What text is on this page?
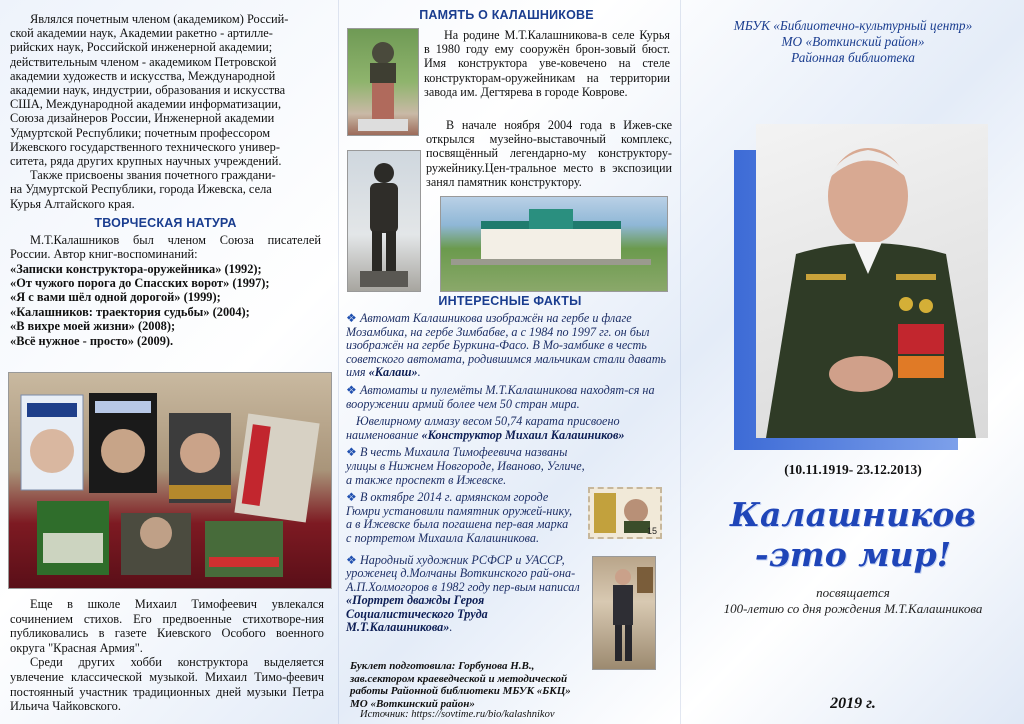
Являлся почетным членом (академиком) Россий-
ской академии наук, Академии ракетно - артилле-
рийских наук, Российской инженерной академии;
действительным членом - академиком Петровской
академии художеств и искусства, Международной
академии наук, индустрии, образования и искусства
США, Международной академии информатизации,
Союза дизайнеров России, Инженерной академии
Удмуртской Республики; почетным профессором
Ижевского государственного технического универ-
ситета, ряда других крупных научных учреждений.
Также присвоены звания почетного граждани-
на Удмуртской Республики, города Ижевска, села
Курья Алтайского края.
ТВОРЧЕСКАЯ НАТУРА

М.Т.Калашников был членом Союза писателей России. Автор книг-воспоминаний:

«Записки конструктора-оружейника» (1992);
«От чужого порога до Спасских ворот» (1997);
«Я с вами шёл одной дорогой» (1999);
«Калашников: траектория судьбы» (2004);
«В вихре моей жизни» (2008);
«Всё нужное - просто» (2009).

Еще в школе Михаил Тимофеевич увлекался сочинением стихов. Его предвоенные стихотворе-ния публиковались в газете Киевского Особого военного округа "Красная Армия".

Среди других хобби конструктора выделяется увлечение классической музыкой. Михаил Тимо-феевич постоянный участник традиционных дней музыки Петра Ильича Чайковского.

ПАМЯТЬ О КАЛАШНИКОВЕ

На родине М.Т.Калашникова-в селе Курья в 1980 году ему сооружён брон-зовый бюст. Имя конструктора уве-ковечено на стеле конструкторам-оружейникам на территории завода им. Дегтярева в городе Коврове.

В начале ноября 2004 года в Ижев-ске открылся музейно-выставочный комплекс, посвящённый легендарно-му конструктору- ружейнику.Цен-тральное место в экспозиции занял памятник конструктору.

ИНТЕРЕСНЫЕ ФАКТЫ

❖ Автомат Калашникова изображён на гербе и флаге Мозамбика, на гербе Зимбабве, а с 1984 по 1997 гг. он был изображён на гербе Буркина-Фасо. В Мо-замбике в честь советского автомата, родившимся мальчикам стали давать имя «Калаш».

❖ Автоматы и пулемёты М.Т.Калашникова находят-ся на вооружении армий более чем 50 стран мира.

Ювелирному алмазу весом 50,74 карата присвоено наименование «Конструктор Михаил Калашников»

❖ В честь Михаила Тимофеевича названы улицы в Нижнем Новгороде, Иваново, Угличе, а также проспект в Ижевске.

❖ В октябре 2014 г. армянском городе Гюмри установили памятник оружей-нику, а в Ижевске была погашена пер-вая марка с портретом Михаила Калашникова.

❖ Народный художник РСФСР и УАССР, уроженец д.Молчаны Воткинского рай-она-А.П.Холмогоров в 1982 году пер-вым написал «Портрет дважды Героя Социалистического Труда М.Т.Калашникова».

15
Буклет подготовила: Горбунова Н.В., зав.сектором краеведческой и методической работы Районной библиотеки МБУК «БКЦ» МО «Воткинский район»
Источник: https://sovtime.ru/bio/kalashnikov
МБУК «Библиотечно-культурный центр»
МО «Воткинский район»
Районная библиотека
(10.11.1919- 23.12.2013)
Калашников
-это мир!
посвящается
100-летию со дня рождения М.Т.Калашникова
2019 г.
